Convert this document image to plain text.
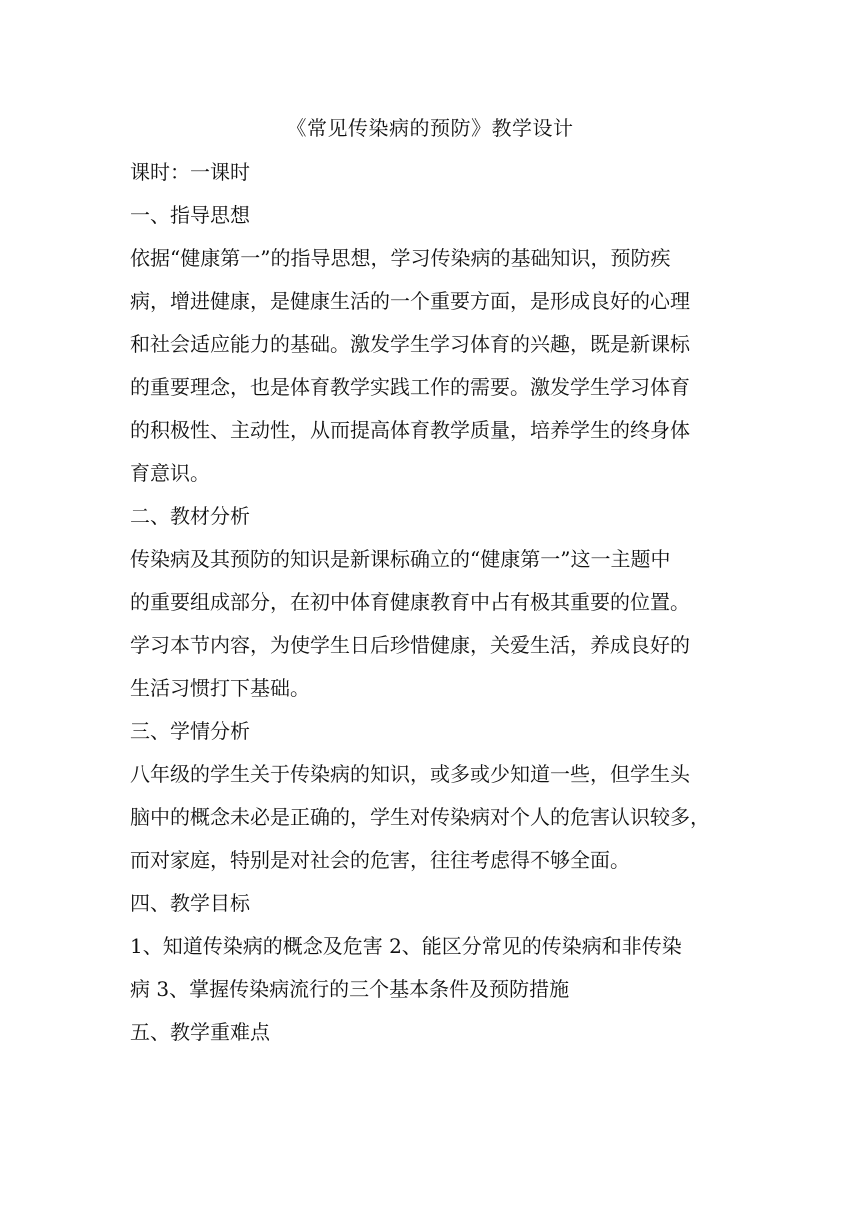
《常见传染病的预防》教学设计
课时：一课时
一、指导思想
依据“健康第一”的指导思想，学习传染病的基础知识，预防疾
病，增进健康，是健康生活的一个重要方面，是形成良好的心理
和社会适应能力的基础。激发学生学习体育的兴趣，既是新课标
的重要理念，也是体育教学实践工作的需要。激发学生学习体育
的积极性、主动性，从而提高体育教学质量，培养学生的终身体
育意识。
二、教材分析
传染病及其预防的知识是新课标确立的“健康第一”这一主题中
的重要组成部分，在初中体育健康教育中占有极其重要的位置。
学习本节内容，为使学生日后珍惜健康，关爱生活，养成良好的
生活习惯打下基础。
三、学情分析
八年级的学生关于传染病的知识，或多或少知道一些，但学生头
脑中的概念未必是正确的，学生对传染病对个人的危害认识较多，
而对家庭，特别是对社会的危害，往往考虑得不够全面。
四、教学目标
1、知道传染病的概念及危害 2、能区分常见的传染病和非传染
病 3、掌握传染病流行的三个基本条件及预防措施
五、教学重难点
